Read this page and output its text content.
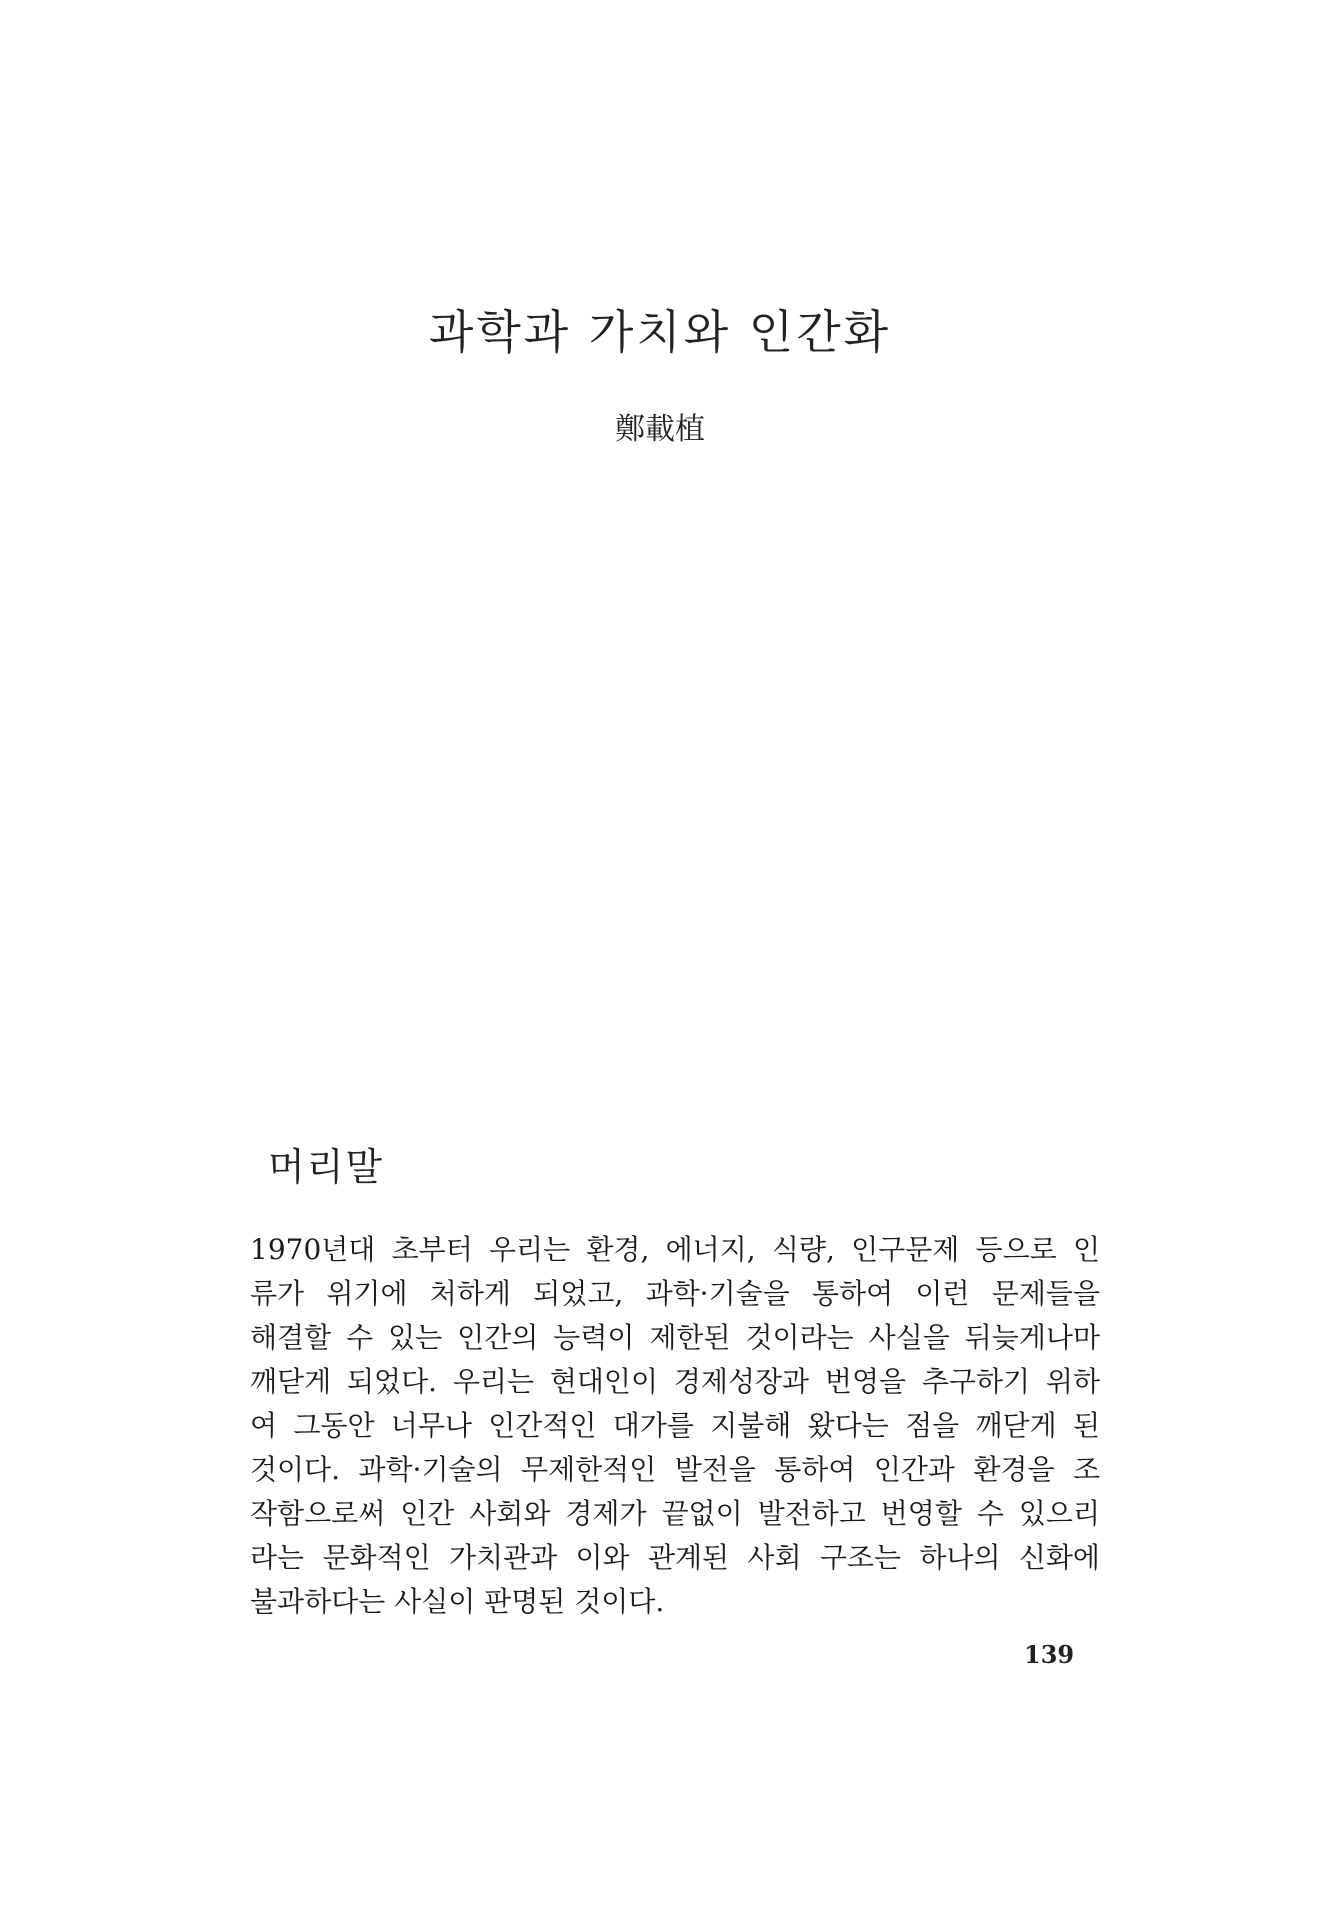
과학과 가치와 인간화

鄭載植

머리말
1970년대 초부터 우리는 환경, 에너지, 식량, 인구문제 등으로 인
류가 위기에 처하게 되었고, 과학·기술을 통하여 이런 문제들을
해결할 수 있는 인간의 능력이 제한된 것이라는 사실을 뒤늦게나마
깨닫게 되었다. 우리는 현대인이 경제성장과 번영을 추구하기 위하
여 그동안 너무나 인간적인 대가를 지불해 왔다는 점을 깨닫게 된
것이다. 과학·기술의 무제한적인 발전을 통하여 인간과 환경을 조
작함으로써 인간 사회와 경제가 끝없이 발전하고 번영할 수 있으리
라는 문화적인 가치관과 이와 관계된 사회 구조는 하나의 신화에
불과하다는 사실이 판명된 것이다.

139
